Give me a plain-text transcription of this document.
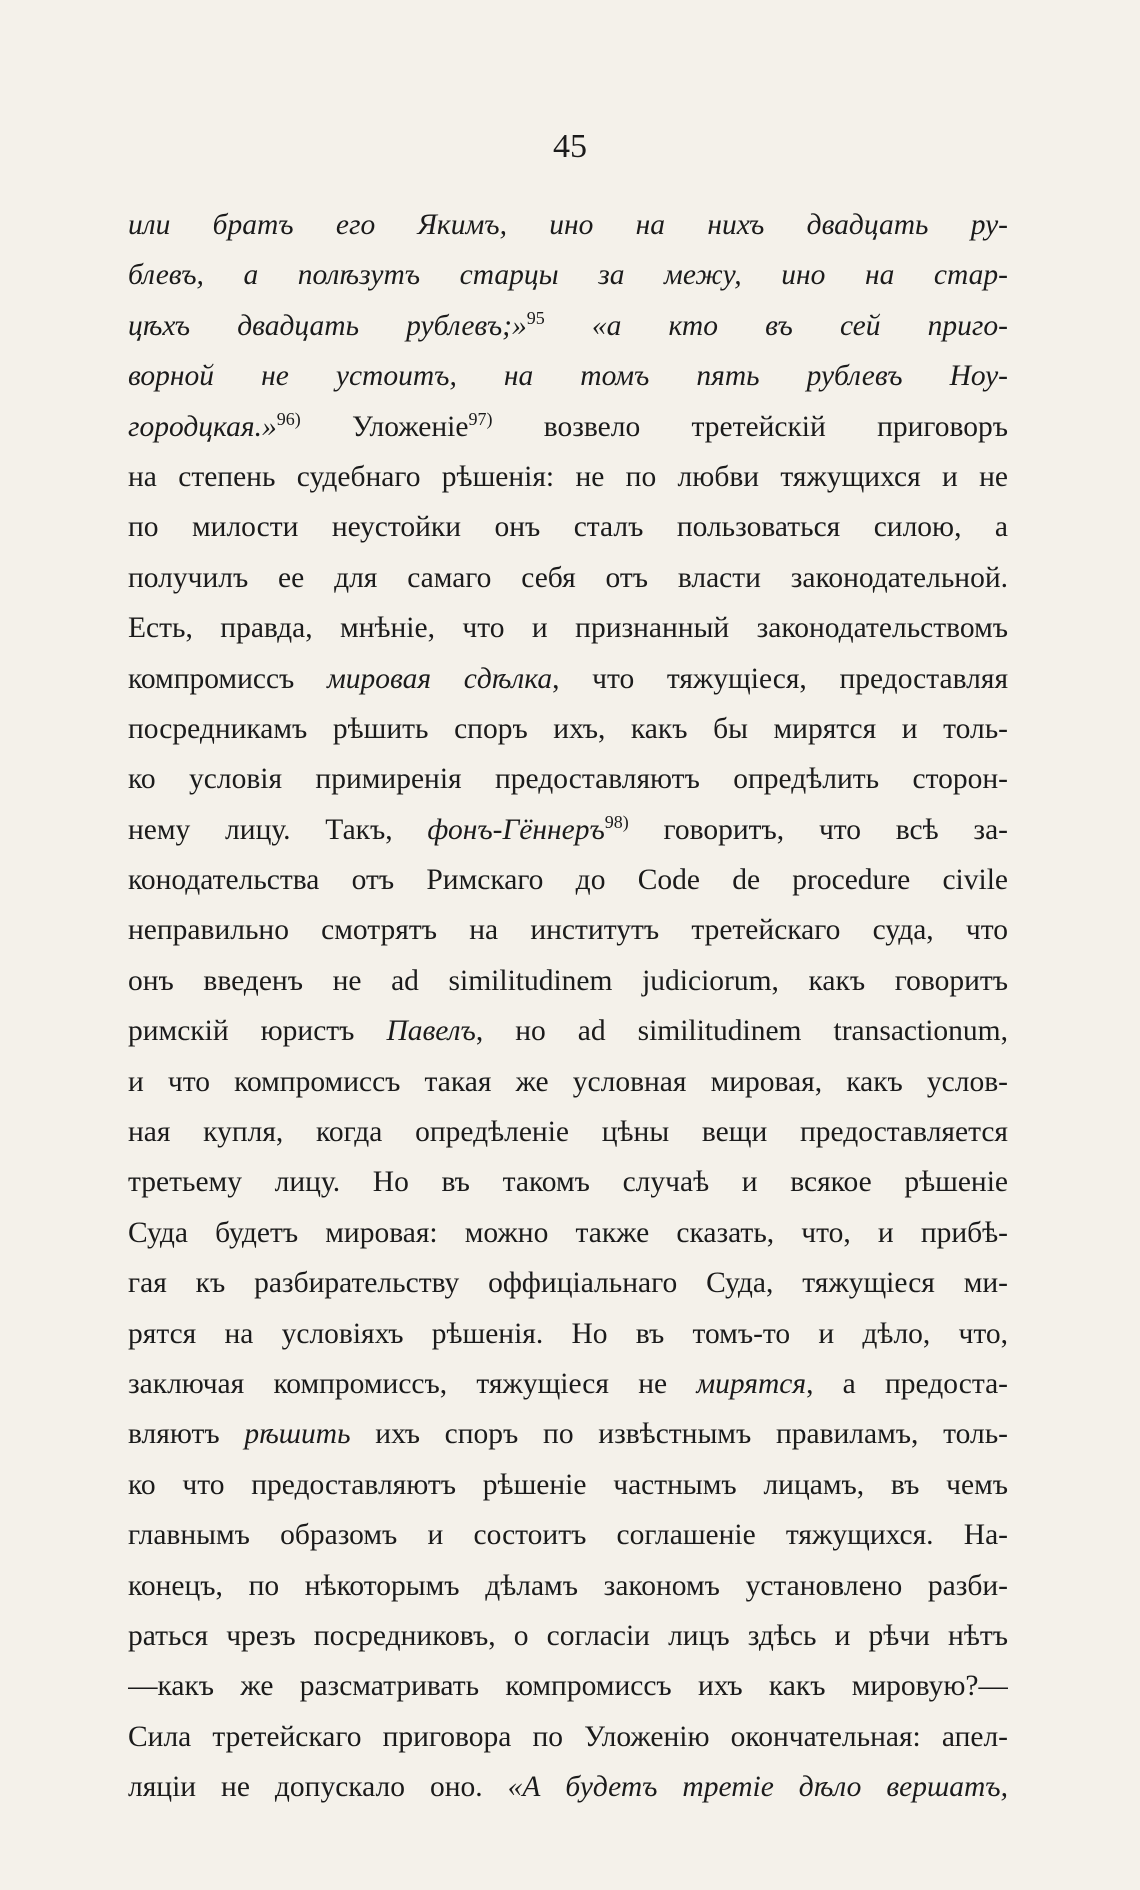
45
или братъ его Якимъ, ино на нихъ двадцать ру-
блевъ, а полѣзутъ старцы за межу, ино на стар-
цѣхъ двадцать рублевъ;»$^{95}$ «а кто въ сей приго-
ворной не устоитъ, на томъ пять рублевъ Ноу-
городцкая.»$^{96)}$ Уложеніе$^{97)}$ возвело третейскій приговоръ
на степень судебнаго рѣшенія: не по любви тяжущихся и не
по милости неустойки онъ сталъ пользоваться силою, а
получилъ ее для самаго себя отъ власти законодательной.
Есть, правда, мнѣніе, что и признанный законодательствомъ
компромиссъ мировая сдѣлка, что тяжущіеся, предоставляя
посредникамъ рѣшить споръ ихъ, какъ бы мирятся и толь-
ко условія примиренія предоставляютъ опредѣлить сторон-
нему лицу. Такъ, фонъ-Гённеръ$^{98)}$ говоритъ, что всѣ за-
конодательства отъ Римскаго до Code de procedure civile
неправильно смотрятъ на институтъ третейскаго суда, что
онъ введенъ не ad similitudinem judiciorum, какъ говоритъ
римскій юристъ Павелъ, но ad similitudinem transactionum,
и что компромиссъ такая же условная мировая, какъ услов-
ная купля, когда опредѣленіе цѣны вещи предоставляется
третьему лицу. Но въ такомъ случаѣ и всякое рѣшеніе
Суда будетъ мировая: можно также сказать, что, и прибѣ-
гая къ разбирательству оффиціальнаго Суда, тяжущіеся ми-
рятся на условіяхъ рѣшенія. Но въ томъ-то и дѣло, что,
заключая компромиссъ, тяжущіеся не мирятся, а предоста-
вляютъ рѣшить ихъ споръ по извѣстнымъ правиламъ, толь-
ко что предоставляютъ рѣшеніе частнымъ лицамъ, въ чемъ
главнымъ образомъ и состоитъ соглашеніе тяжущихся. На-
конецъ, по нѣкоторымъ дѣламъ закономъ установлено разби-
раться чрезъ посредниковъ, о согласіи лицъ здѣсь и рѣчи нѣтъ
—какъ же разсматривать компромиссъ ихъ какъ мировую?—
Сила третейскаго приговора по Уложенію окончательная: апел-
ляціи не допускало оно. «А будетъ третіе дѣло вершатъ,
